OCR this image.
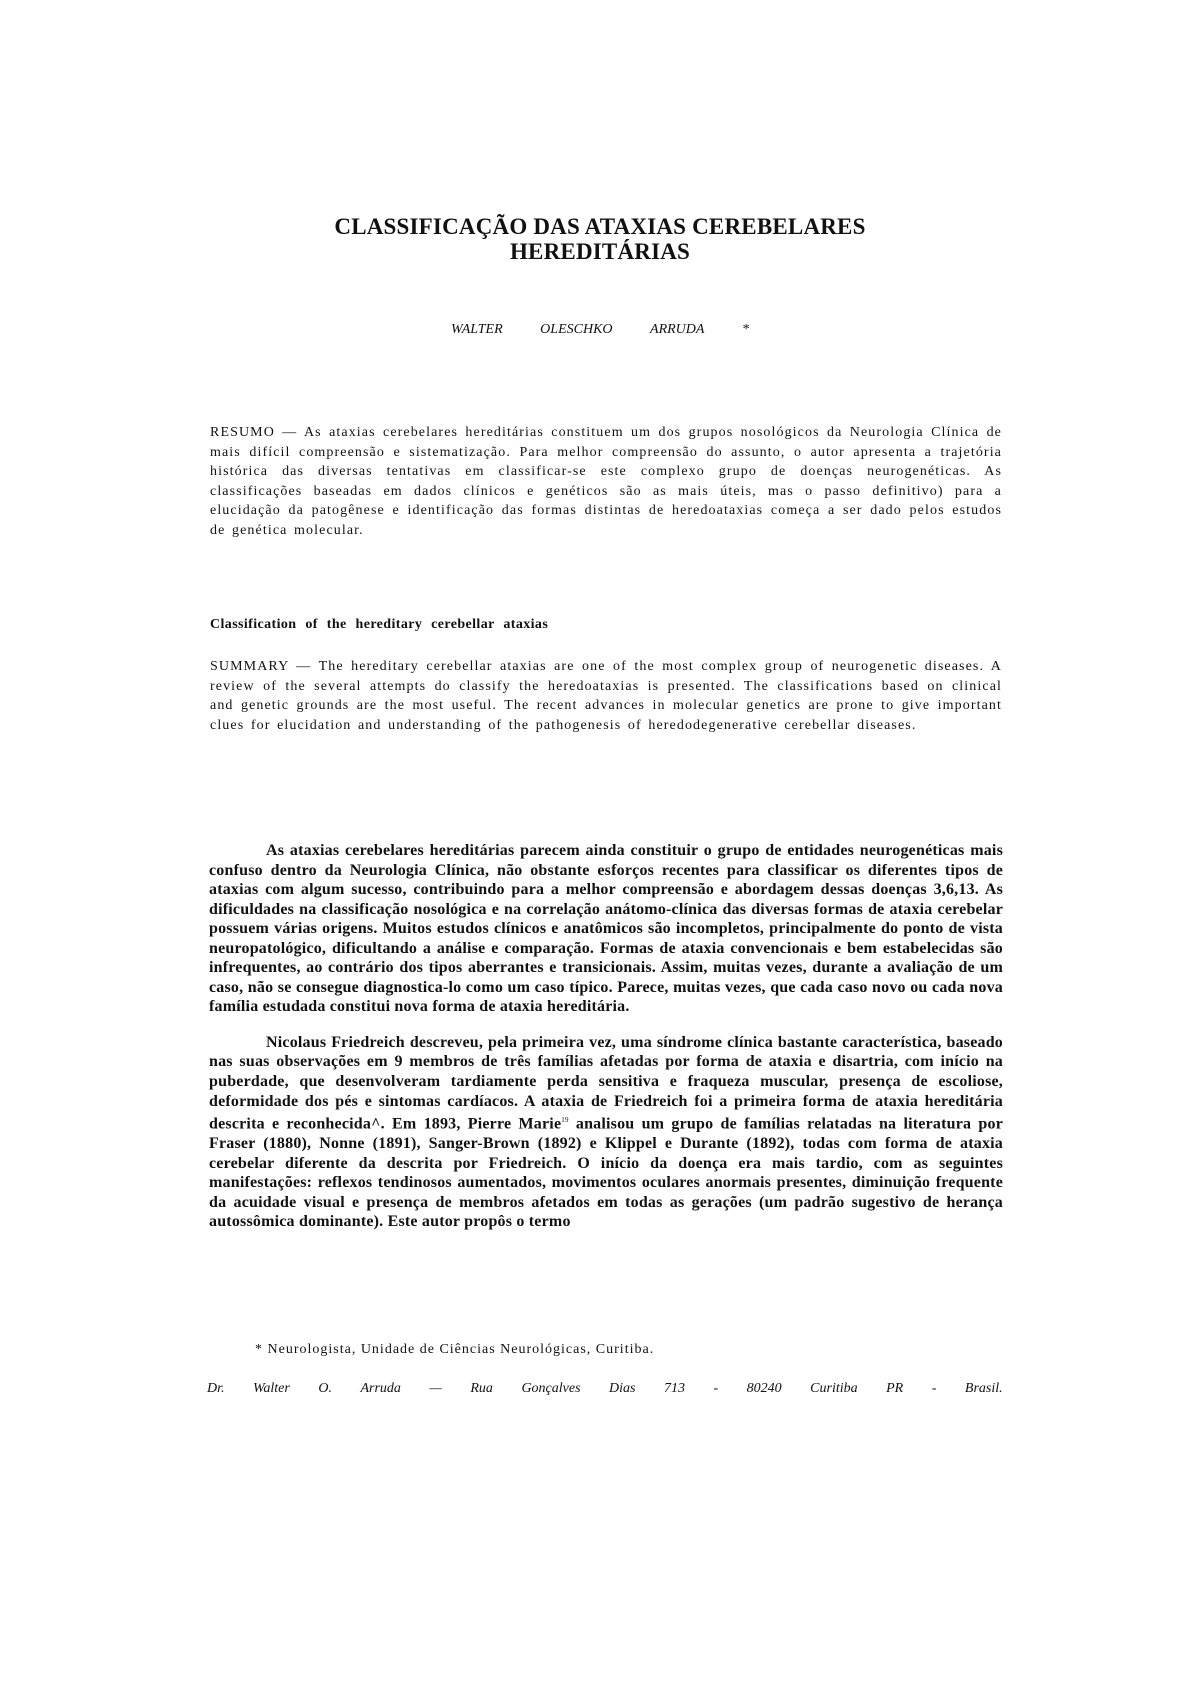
CLASSIFICAÇÃO DAS ATAXIAS CEREBELARES
HEREDITÁRIAS
WALTER	OLESCHKO	ARRUDA	*

RESUMO — As ataxias cerebelares hereditárias constituem um dos grupos nosológicos da Neurologia Clínica de mais difícil compreensão e sistematização. Para melhor compreensão do assunto, o autor apresenta a trajetória histórica das diversas tentativas em classificar-se este complexo grupo de doenças neurogenéticas. As classificações baseadas em dados clínicos e genéticos são as mais úteis, mas o passo definitivo) para a elucidação da patogênese e identificação das formas distintas de heredoataxias começa a ser dado pelos estudos de genética molecular.

Classification of the hereditary cerebellar ataxias

SUMMARY — The hereditary cerebellar ataxias are one of the most complex group of neurogenetic diseases. A review of the several attempts do classify the heredoataxias is presented. The classifications based on clinical and genetic grounds are the most useful. The recent advances in molecular genetics are prone to give important clues for elucidation and understanding of the pathogenesis of heredodegenerative cerebellar diseases.

As ataxias cerebelares hereditárias parecem ainda constituir o grupo de entidades neurogenéticas mais confuso dentro da Neurologia Clínica, não obstante esforços recentes para classificar os diferentes tipos de ataxias com algum sucesso, contribuindo para a melhor compreensão e abordagem dessas doenças 3,6,13. As dificuldades na classificação nosológica e na correlação anátomo-clínica das diversas formas de ataxia cerebelar possuem várias origens. Muitos estudos clínicos e anatômicos são incompletos, principalmente do ponto de vista neuropatológico, dificultando a análise e comparação. Formas de ataxia convencionais e bem estabelecidas são infrequentes, ao contrário dos tipos aberrantes e transicionais. Assim, muitas vezes, durante a avaliação de um caso, não se consegue diagnostica-lo como um caso típico. Parece, muitas vezes, que cada caso novo ou cada nova família estudada constitui nova forma de ataxia hereditária.

Nicolaus Friedreich descreveu, pela primeira vez, uma síndrome clínica bastante característica, baseado nas suas observações em 9 membros de três famílias afetadas por forma de ataxia e disartria, com início na puberdade, que desenvolveram tardiamente perda sensitiva e fraqueza muscular, presença de escoliose, deformidade dos pés e sintomas cardíacos. A ataxia de Friedreich foi a primeira forma de ataxia hereditária descrita e reconhecida^. Em 1893, Pierre Marie$^{19}$ analisou um grupo de famílias relatadas na literatura por Fraser (1880), Nonne (1891), Sanger-Brown (1892) e Klippel e Durante (1892), todas com forma de ataxia cerebelar diferente da descrita por Friedreich. O início da doença era mais tardio, com as seguintes manifestações: reflexos tendinosos aumentados, movimentos oculares anormais presentes, diminuição frequente da acuidade visual e presença de membros afetados em todas as gerações (um padrão sugestivo de herança autossômica dominante). Este autor propôs o termo

* Neurologista, Unidade de Ciências Neurológicas, Curitiba.
Dr. Walter O. Arruda — Rua Gonçalves Dias 713 - 80240 Curitiba PR - Brasil.
